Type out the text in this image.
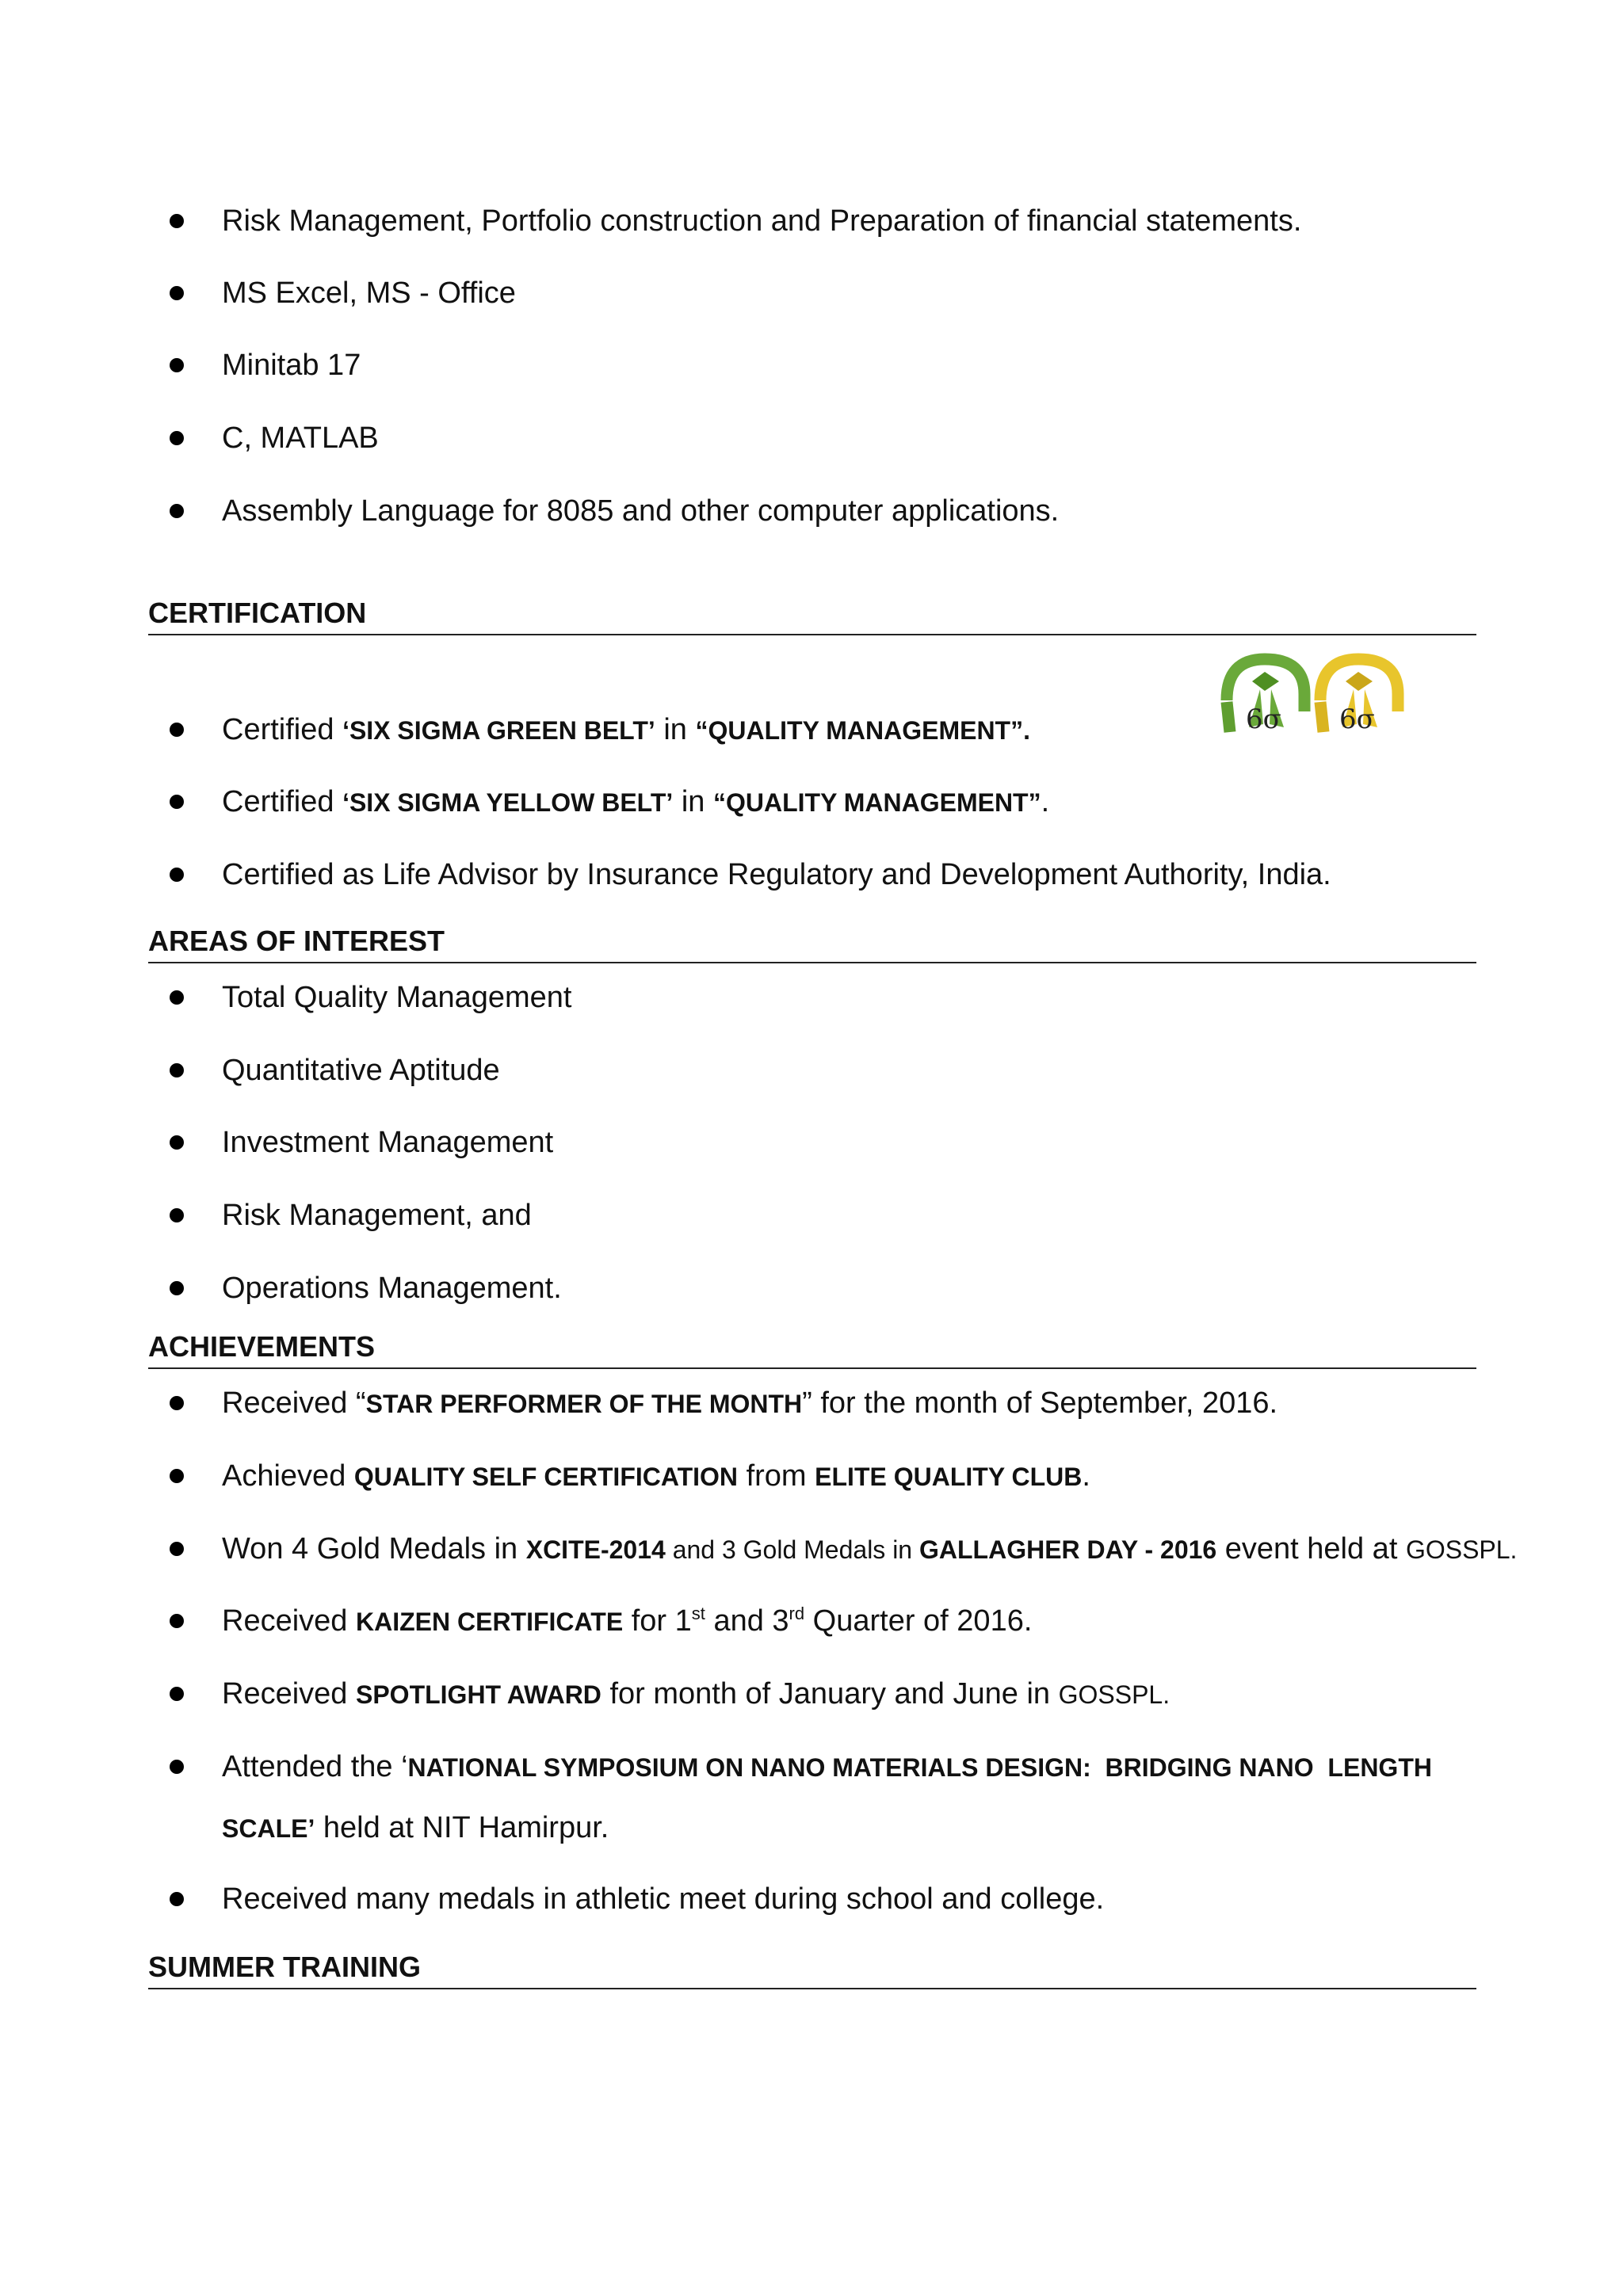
Risk Management, Portfolio construction and Preparation of financial statements.
MS Excel, MS - Office
Minitab 17
C, MATLAB
Assembly Language for 8085 and other computer applications.
CERTIFICATION
Certified ‘SIX SIGMA GREEN BELT’ in “QUALITY MANAGEMENT”.	6σ 6σ
Certified ‘SIX SIGMA YELLOW BELT’ in “QUALITY MANAGEMENT”.
Certified as Life Advisor by Insurance Regulatory and Development Authority, India.
AREAS OF INTEREST
Total Quality Management
Quantitative Aptitude
Investment Management
Risk Management, and
Operations Management.
ACHIEVEMENTS
Received “STAR PERFORMER OF THE MONTH” for the month of September, 2016.
Achieved QUALITY SELF CERTIFICATION from ELITE QUALITY CLUB.
Won 4 Gold Medals in XCITE-2014 and 3 Gold Medals in GALLAGHER DAY - 2016 event held at GOSSPL.
Received KAIZEN CERTIFICATE for 1st and 3rd Quarter of 2016.
Received SPOTLIGHT AWARD for month of January and June in GOSSPL.
Attended the ‘NATIONAL SYMPOSIUM ON NANO MATERIALS DESIGN:  BRIDGING NANO  LENGTH
SCALE’ held at NIT Hamirpur.
Received many medals in athletic meet during school and college.
SUMMER TRAINING
